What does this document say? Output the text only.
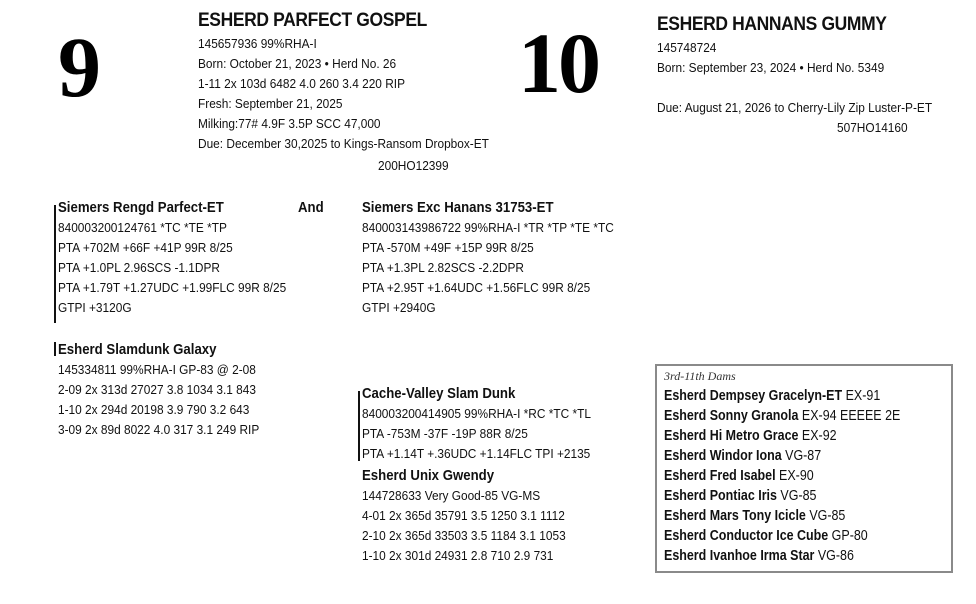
9	10
ESHERD PARFECT GOSPEL
145657936 99%RHA-I
Born: October 21, 2023 • Herd No. 26
1-11 2x 103d 6482 4.0 260 3.4 220 RIP
Fresh: September 21, 2025
Milking:77# 4.9F 3.5P SCC 47,000
Due: December 30,2025 to Kings-Ransom Dropbox-ET
200HO12399
ESHERD HANNANS GUMMY
145748724
Born: September 23, 2024 • Herd No. 5349
Due: August 21, 2026 to Cherry-Lily Zip Luster-P-ET
507HO14160
Siemers Rengd Parfect-ET
840003200124761 *TC *TE *TP
PTA +702M +66F +41P 99R 8/25
PTA +1.0PL 2.96SCS -1.1DPR
PTA +1.79T +1.27UDC +1.99FLC 99R 8/25
GTPI +3120G
And	Siemers Exc Hanans 31753-ET
840003143986722 99%RHA-I *TR *TP *TE *TC
PTA -570M +49F +15P 99R 8/25
PTA +1.3PL 2.82SCS -2.2DPR
PTA +2.95T +1.64UDC +1.56FLC 99R 8/25
GTPI +2940G
Esherd Slamdunk Galaxy
145334811 99%RHA-I GP-83 @ 2-08
2-09 2x 313d 27027 3.8 1034 3.1 843
1-10 2x 294d 20198 3.9 790 3.2 643
3-09 2x 89d 8022 4.0 317 3.1 249 RIP
Cache-Valley Slam Dunk
840003200414905 99%RHA-I *RC *TC *TL
PTA -753M -37F -19P 88R 8/25
PTA +1.14T +.36UDC +1.14FLC TPI +2135
Esherd Unix Gwendy
144728633 Very Good-85 VG-MS
4-01 2x 365d 35791 3.5 1250 3.1 1112
2-10 2x 365d 33503 3.5 1184 3.1 1053
1-10 2x 301d 24931 2.8 710 2.9 731
3rd-11th Dams
Esherd Dempsey Gracelyn-ET EX-91
Esherd Sonny Granola EX-94 EEEEE 2E
Esherd Hi Metro Grace EX-92
Esherd Windor Iona VG-87
Esherd Fred Isabel EX-90
Esherd Pontiac Iris VG-85
Esherd Mars Tony Icicle VG-85
Esherd Conductor Ice Cube GP-80
Esherd Ivanhoe Irma Star VG-86
